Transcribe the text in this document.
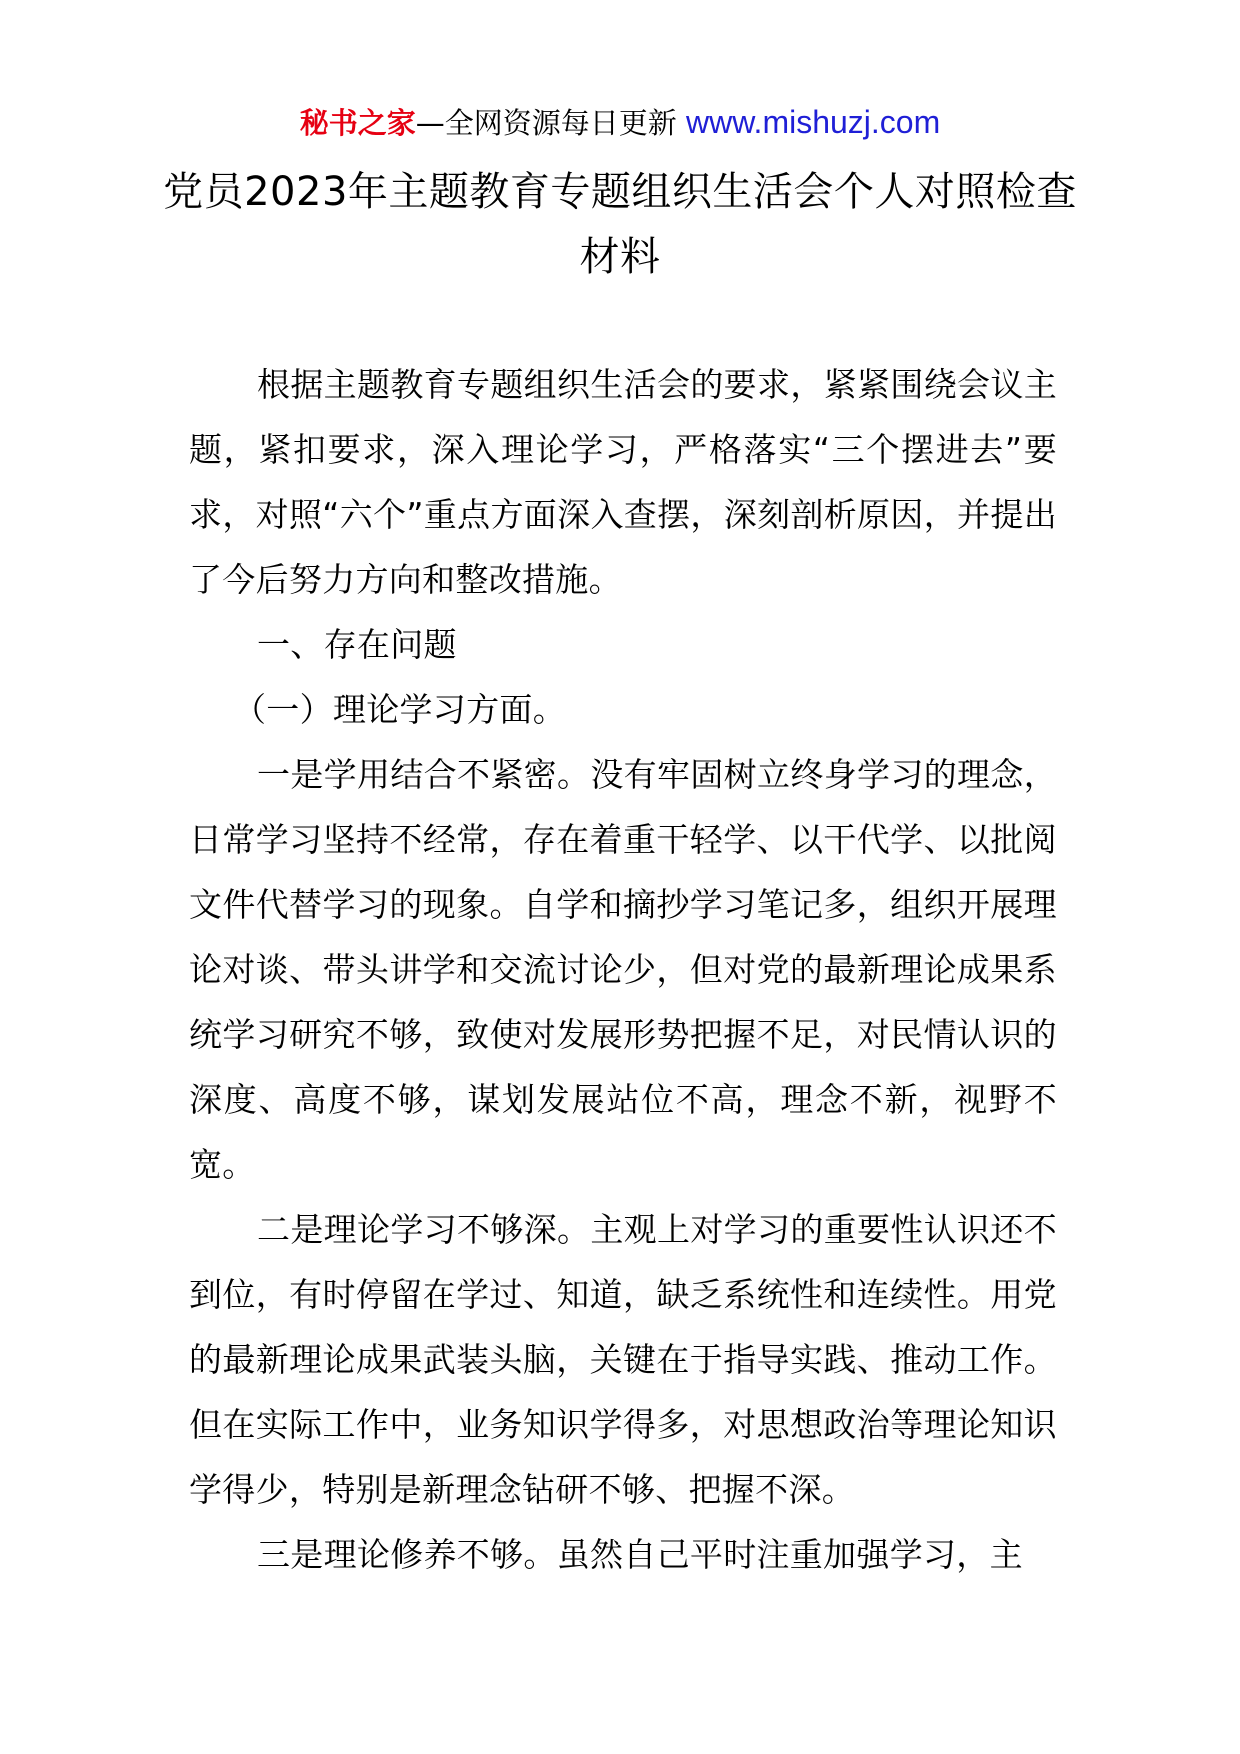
秘书之家—全网资源每日更新 www.mishuzj.com
党员2023年主题教育专题组织生活会个人对照检查材料

根据主题教育专题组织生活会的要求，紧紧围绕会议主题，紧扣要求，深入理论学习，严格落实“三个摆进去”要求，对照“六个”重点方面深入查摆，深刻剖析原因，并提出了今后努力方向和整改措施。

一、存在问题

（一）理论学习方面。

一是学用结合不紧密。没有牢固树立终身学习的理念，日常学习坚持不经常，存在着重干轻学、以干代学、以批阅文件代替学习的现象。自学和摘抄学习笔记多，组织开展理论对谈、带头讲学和交流讨论少，但对党的最新理论成果系统学习研究不够，致使对发展形势把握不足，对民情认识的深度、高度不够，谋划发展站位不高，理念不新，视野不宽。

二是理论学习不够深。主观上对学习的重要性认识还不到位，有时停留在学过、知道，缺乏系统性和连续性。用党的最新理论成果武装头脑，关键在于指导实践、推动工作。但在实际工作中，业务知识学得多，对思想政治等理论知识学得少，特别是新理念钻研不够、把握不深。

三是理论修养不够。虽然自己平时注重加强学习，主
